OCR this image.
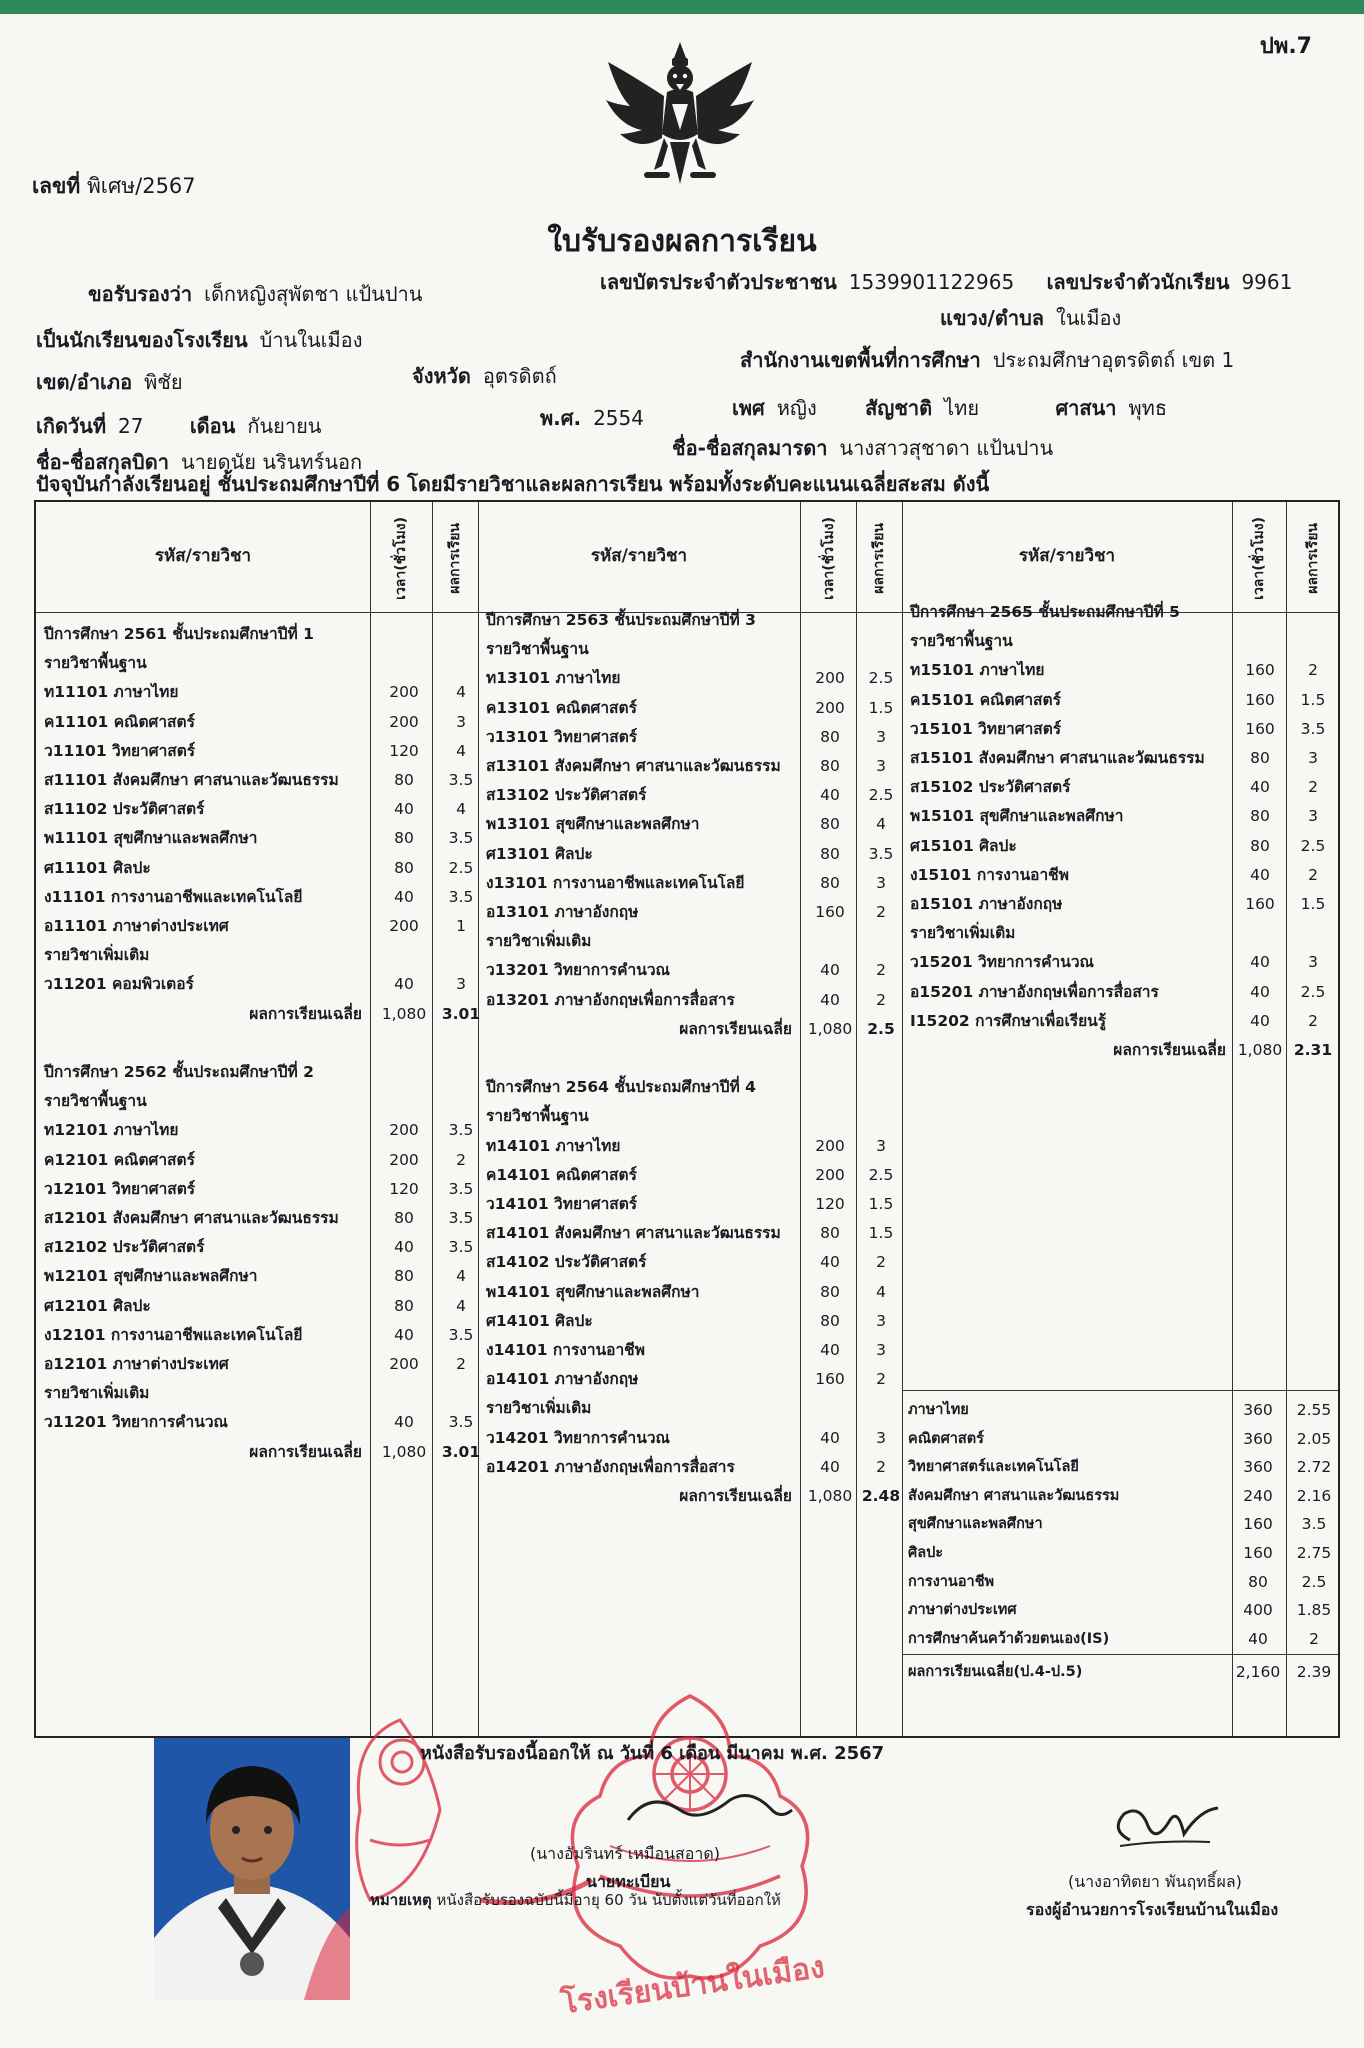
ปพ.7
เลขที่ พิเศษ/2567
ใบรับรองผลการเรียน
ขอรับรองว่า เด็กหญิงสุพัตชา แป้นปาน	เลขบัตรประจำตัวประชาชน 1539901122965 เลขประจำตัวนักเรียน 9961
เป็นนักเรียนของโรงเรียน บ้านในเมือง
แขวง/ตำบล ในเมือง
เขต/อำเภอ พิชัย	จังหวัด อุตรดิตถ์
สำนักงานเขตพื้นที่การศึกษา ประถมศึกษาอุตรดิตถ์ เขต 1
เกิดวันที่ 27 เดือน กันยายน	พ.ศ. 2554	เพศ หญิง สัญชาติ ไทย	ศาสนา พุทธ
ชื่อ-ชื่อสกุลบิดา นายดนัย นรินทร์นอก
ชื่อ-ชื่อสกุลมารดา นางสาวสุชาดา แป้นปาน
ปัจจุบันกำลังเรียนอยู่ ชั้นประถมศึกษาปีที่ 6 โดยมีรายวิชาและผลการเรียน พร้อมทั้งระดับคะแนนเฉลี่ยสะสม ดังนี้
รหัส/รายวิชา	เวลา(ชั่วโมง)	ผลการเรียน	รหัส/รายวิชา	เวลา(ชั่วโมง) ผลการเรียน	รหัส/รายวิชา	เวลา(ชั่วโมง)	ผลการเรียน
ปีการศึกษา 2561 ชั้นประถมศึกษาปีที่ 1
รายวิชาพื้นฐาน
ท11101 ภาษาไทย	200	4
ค11101 คณิตศาสตร์	200	3
ว11101 วิทยาศาสตร์	120	4
ส11101 สังคมศึกษา ศาสนาและวัฒนธรรม	80	3.5
ส11102 ประวัติศาสตร์	40	4
พ11101 สุขศึกษาและพลศึกษา	80	3.5
ศ11101 ศิลปะ	80	2.5
ง11101 การงานอาชีพและเทคโนโลยี	40	3.5
อ11101 ภาษาต่างประเทศ	200	1
รายวิชาเพิ่มเติม
ว11201 คอมพิวเตอร์	40	3
ผลการเรียนเฉลี่ย	1,080	3.01
ปีการศึกษา 2562 ชั้นประถมศึกษาปีที่ 2
รายวิชาพื้นฐาน
ท12101 ภาษาไทย	200	3.5
ค12101 คณิตศาสตร์	200	2
ว12101 วิทยาศาสตร์	120	3.5
ส12101 สังคมศึกษา ศาสนาและวัฒนธรรม	80	3.5
ส12102 ประวัติศาสตร์	40	3.5
พ12101 สุขศึกษาและพลศึกษา	80	4
ศ12101 ศิลปะ	80	4
ง12101 การงานอาชีพและเทคโนโลยี	40	3.5
อ12101 ภาษาต่างประเทศ	200	2
รายวิชาเพิ่มเติม
ว11201 วิทยาการคำนวณ	40	3.5
ผลการเรียนเฉลี่ย	1,080	3.01
ปีการศึกษา 2563 ชั้นประถมศึกษาปีที่ 3
รายวิชาพื้นฐาน
ท13101 ภาษาไทย	200	2.5
ค13101 คณิตศาสตร์	200	1.5
ว13101 วิทยาศาสตร์	80	3
ส13101 สังคมศึกษา ศาสนาและวัฒนธรรม	80	3
ส13102 ประวัติศาสตร์	40	2.5
พ13101 สุขศึกษาและพลศึกษา	80	4
ศ13101 ศิลปะ	80	3.5
ง13101 การงานอาชีพและเทคโนโลยี	80	3
อ13101 ภาษาอังกฤษ	160	2
รายวิชาเพิ่มเติม
ว13201 วิทยาการคำนวณ	40	2
อ13201 ภาษาอังกฤษเพื่อการสื่อสาร	40	2
ผลการเรียนเฉลี่ย	1,080 2.5
ปีการศึกษา 2564 ชั้นประถมศึกษาปีที่ 4
รายวิชาพื้นฐาน
ท14101 ภาษาไทย	200	3
ค14101 คณิตศาสตร์	200	2.5
ว14101 วิทยาศาสตร์	120	1.5
ส14101 สังคมศึกษา ศาสนาและวัฒนธรรม	80	1.5
ส14102 ประวัติศาสตร์	40	2
พ14101 สุขศึกษาและพลศึกษา	80	4
ศ14101 ศิลปะ	80	3
ง14101 การงานอาชีพ	40	3
อ14101 ภาษาอังกฤษ	160	2
รายวิชาเพิ่มเติม
ว14201 วิทยาการคำนวณ	40	3
อ14201 ภาษาอังกฤษเพื่อการสื่อสาร	40	2
ผลการเรียนเฉลี่ย	1,080 2.48
ปีการศึกษา 2565 ชั้นประถมศึกษาปีที่ 5
รายวิชาพื้นฐาน
ท15101 ภาษาไทย	160	2
ค15101 คณิตศาสตร์	160	1.5
ว15101 วิทยาศาสตร์	160	3.5
ส15101 สังคมศึกษา ศาสนาและวัฒนธรรม	80	3
ส15102 ประวัติศาสตร์	40	2
พ15101 สุขศึกษาและพลศึกษา	80	3
ศ15101 ศิลปะ	80	2.5
ง15101 การงานอาชีพ	40	2
อ15101 ภาษาอังกฤษ	160	1.5
รายวิชาเพิ่มเติม
ว15201 วิทยาการคำนวณ	40	3
อ15201 ภาษาอังกฤษเพื่อการสื่อสาร	40	2.5
I15202 การศึกษาเพื่อเรียนรู้	40	2
ผลการเรียนเฉลี่ย 1,080 2.31
ภาษาไทย	360	2.55
คณิตศาสตร์	360	2.05
วิทยาศาสตร์และเทคโนโลยี	360	2.72
สังคมศึกษา ศาสนาและวัฒนธรรม	240	2.16
สุขศึกษาและพลศึกษา	160	3.5
ศิลปะ	160	2.75
การงานอาชีพ	80	2.5
ภาษาต่างประเทศ	400	1.85
การศึกษาค้นคว้าด้วยตนเอง(IS)	40	2
ผลการเรียนเฉลี่ย(ป.4-ป.5)	2,160	2.39
โรงเรียนบ้านในเมือง
หนังสือรับรองนี้ออกให้ ณ วันที่ 6 เดือน มีนาคม พ.ศ. 2567
(นางอัมรินทร์ เหมือนสอาด)
นายทะเบียน
หมายเหตุ หนังสือรับรองฉบับนี้มีอายุ 60 วัน นับตั้งแต่วันที่ออกให้
(นางอาทิตยา พันฤทธิ์ผล)
รองผู้อำนวยการโรงเรียนบ้านในเมือง
